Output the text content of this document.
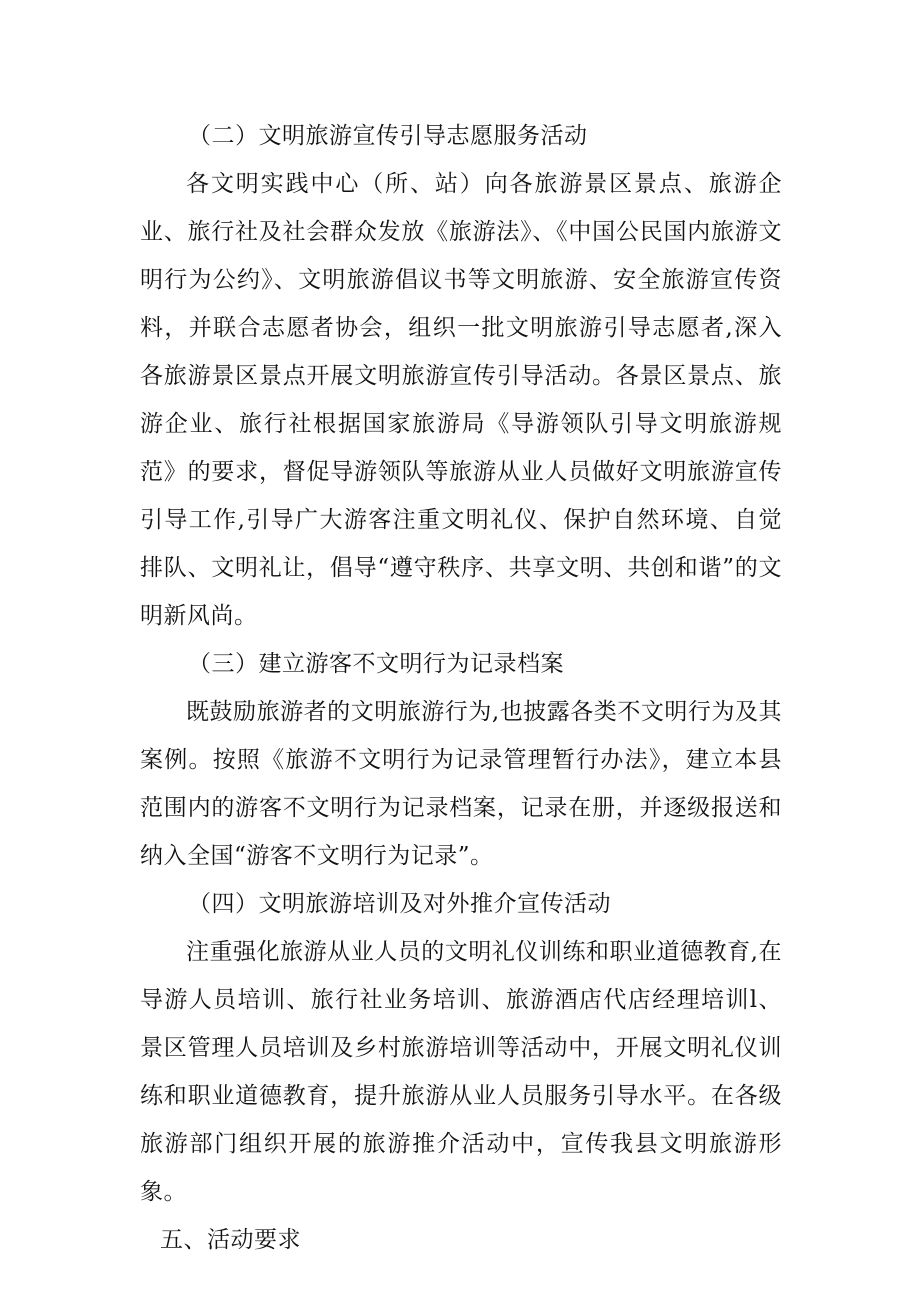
（二）文明旅游宣传引导志愿服务活动

各文明实践中心（所、站）向各旅游景区景点、旅游企业、旅行社及社会群众发放《旅游法》、《中国公民国内旅游文明行为公约》、文明旅游倡议书等文明旅游、安全旅游宣传资料，并联合志愿者协会，组织一批文明旅游引导志愿者,深入各旅游景区景点开展文明旅游宣传引导活动。各景区景点、旅游企业、旅行社根据国家旅游局《导游领队引导文明旅游规范》的要求，督促导游领队等旅游从业人员做好文明旅游宣传引导工作,引导广大游客注重文明礼仪、保护自然环境、自觉排队、文明礼让，倡导“遵守秩序、共享文明、共创和谐”的文明新风尚。

（三）建立游客不文明行为记录档案

既鼓励旅游者的文明旅游行为,也披露各类不文明行为及其案例。按照《旅游不文明行为记录管理暂行办法》，建立本县范围内的游客不文明行为记录档案，记录在册，并逐级报送和纳入全国“游客不文明行为记录”。

（四）文明旅游培训及对外推介宣传活动

注重强化旅游从业人员的文明礼仪训练和职业道德教育,在导游人员培训、旅行社业务培训、旅游酒店代店经理培训l、景区管理人员培训及乡村旅游培训等活动中，开展文明礼仪训练和职业道德教育，提升旅游从业人员服务引导水平。在各级旅游部门组织开展的旅游推介活动中，宣传我县文明旅游形象。

五、活动要求
